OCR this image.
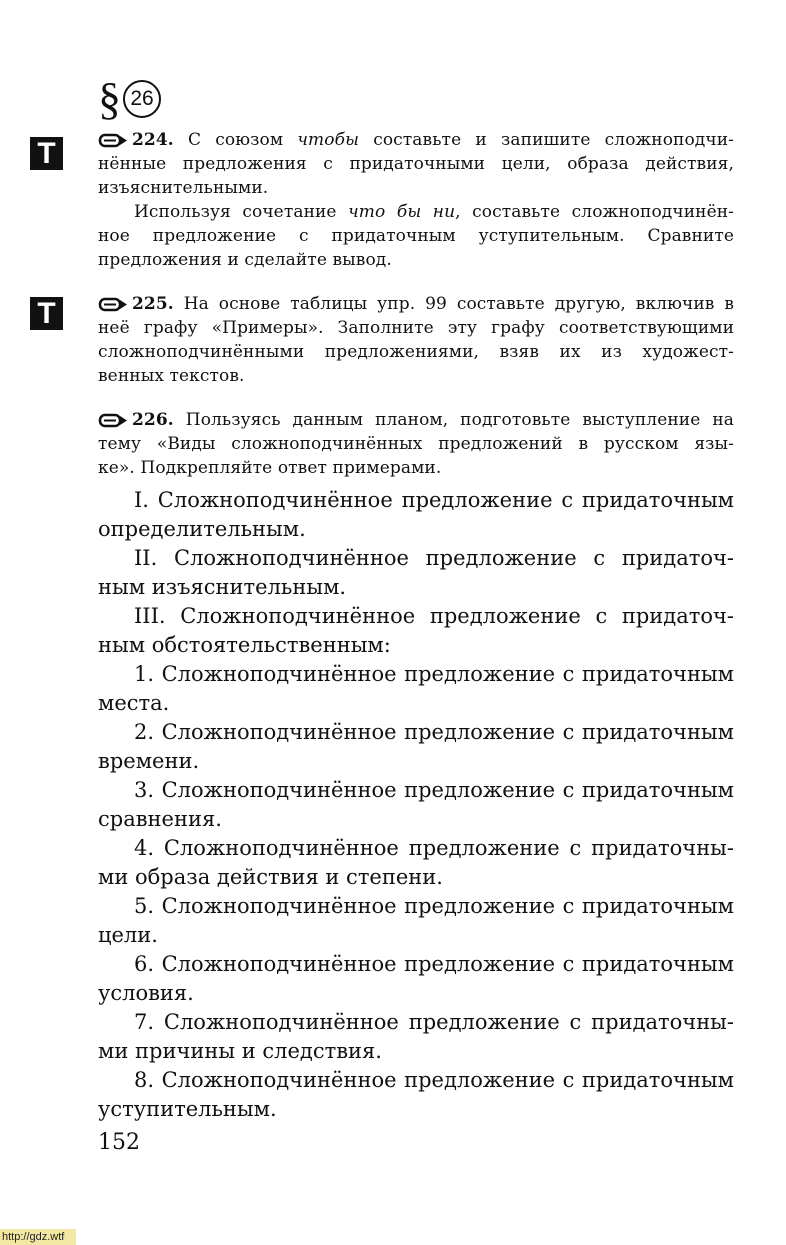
§ 26
Т
Т
224. С союзом чтобы составьте и запишите сложноподчи-
нённые предложения с придаточными цели, образа действия,
изъяснительными.
Используя сочетание что бы ни, составьте сложноподчинён-
ное предложение с придаточным уступительным. Сравните
предложения и сделайте вывод.
225. На основе таблицы упр. 99 составьте другую, включив в
неё графу «Примеры». Заполните эту графу соответствующими
сложноподчинёнными предложениями, взяв их из художест-
венных текстов.
226. Пользуясь данным планом, подготовьте выступление на
тему «Виды сложноподчинённых предложений в русском язы-
ке». Подкрепляйте ответ примерами.
I. Сложноподчинённое предложение с придаточным
определительным.
II. Сложноподчинённое предложение с придаточ-
ным изъяснительным.
III. Сложноподчинённое предложение с придаточ-
ным обстоятельственным:
1. Сложноподчинённое предложение с придаточным
места.
2. Сложноподчинённое предложение с придаточным
времени.
3. Сложноподчинённое предложение с придаточным
сравнения.
4. Сложноподчинённое предложение с придаточны-
ми образа действия и степени.
5. Сложноподчинённое предложение с придаточным
цели.
6. Сложноподчинённое предложение с придаточным
условия.
7. Сложноподчинённое предложение с придаточны-
ми причины и следствия.
8. Сложноподчинённое предложение с придаточным
уступительным.
152
http://gdz.wtf
